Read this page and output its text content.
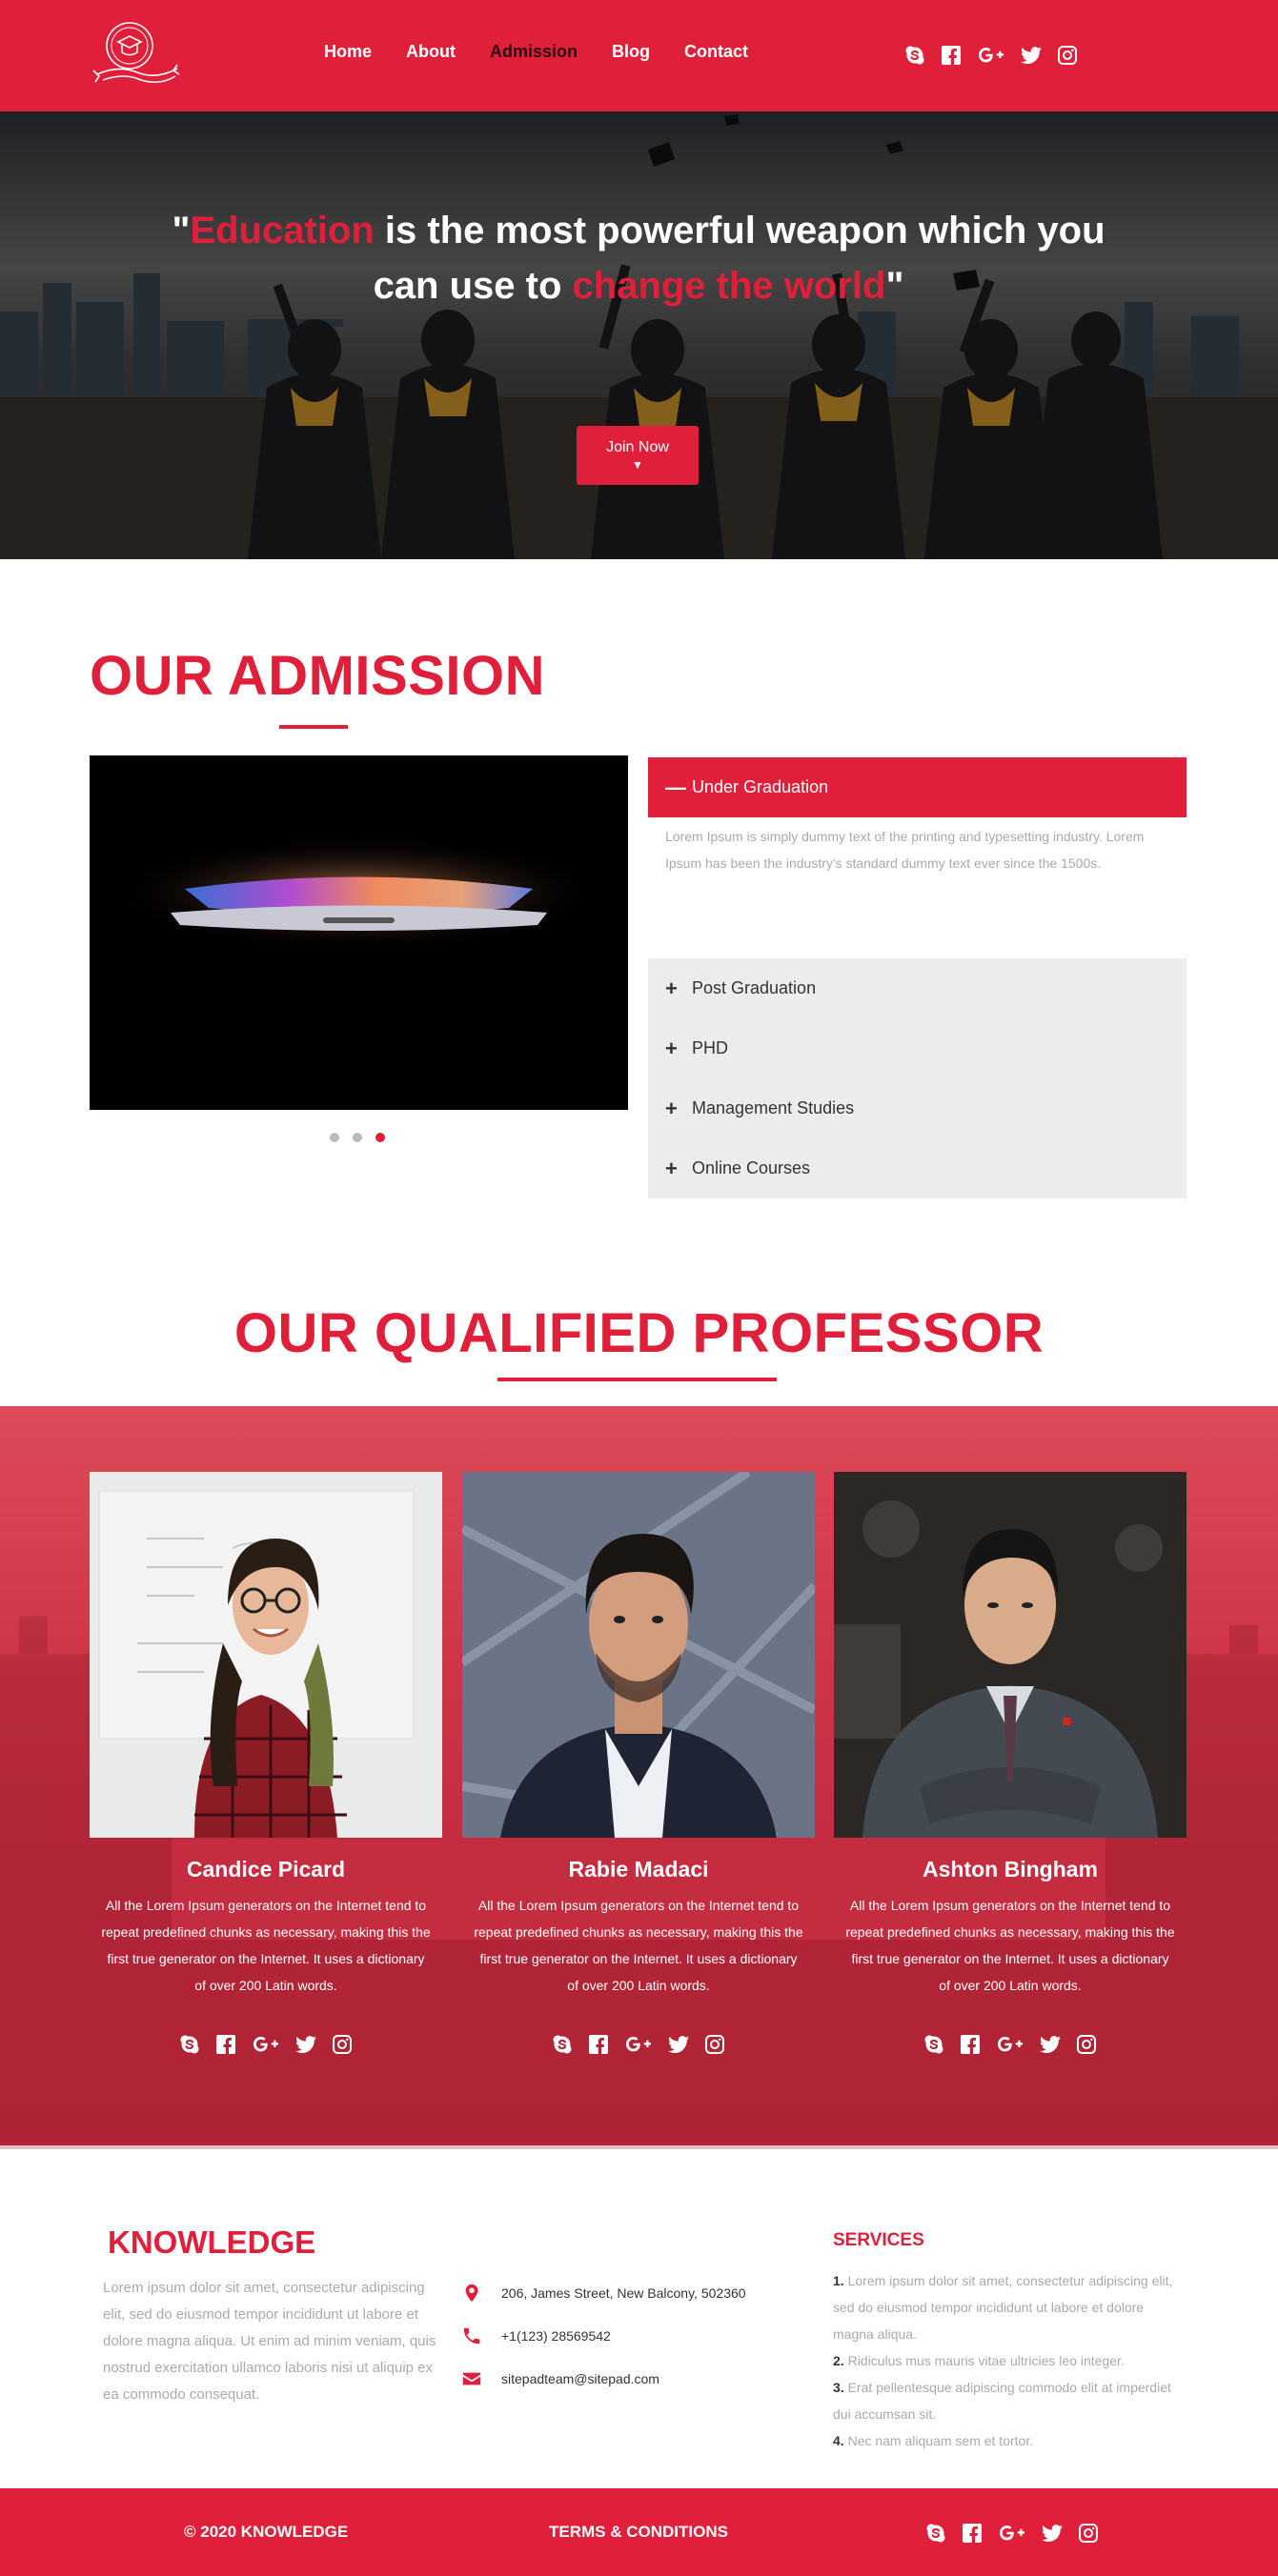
Home About Admission Blog Contact
"Education is the most powerful weapon which you can use to change the world"
Join Now
▼
OUR ADMISSION
— Under Graduation
Lorem Ipsum is simply dummy text of the printing and typesetting industry. Lorem Ipsum has been the industry's standard dummy text ever since the 1500s.
+ Post Graduation
+ PHD
+ Management Studies
+ Online Courses
OUR QUALIFIED PROFESSOR
Candice Picard
All the Lorem Ipsum generators on the Internet tend to repeat predefined chunks as necessary, making this the first true generator on the Internet. It uses a dictionary of over 200 Latin words.
Rabie Madaci
All the Lorem Ipsum generators on the Internet tend to repeat predefined chunks as necessary, making this the first true generator on the Internet. It uses a dictionary of over 200 Latin words.
Ashton Bingham
All the Lorem Ipsum generators on the Internet tend to repeat predefined chunks as necessary, making this the first true generator on the Internet. It uses a dictionary of over 200 Latin words.
KNOWLEDGE
Lorem ipsum dolor sit amet, consectetur adipiscing elit, sed do eiusmod tempor incididunt ut labore et dolore magna aliqua. Ut enim ad minim veniam, quis nostrud exercitation ullamco laboris nisi ut aliquip ex ea commodo consequat.
206, James Street, New Balcony, 502360
+1(123) 28569542
sitepadteam@sitepad.com
SERVICES
1. Lorem ipsum dolor sit amet, consectetur adipiscing elit, sed do eiusmod tempor incididunt ut labore et dolore magna aliqua.
2. Ridiculus mus mauris vitae ultricies leo integer.
3. Erat pellentesque adipiscing commodo elit at imperdiet dui accumsan sit.
4. Nec nam aliquam sem et tortor.
© 2020 KNOWLEDGE	TERMS & CONDITIONS
